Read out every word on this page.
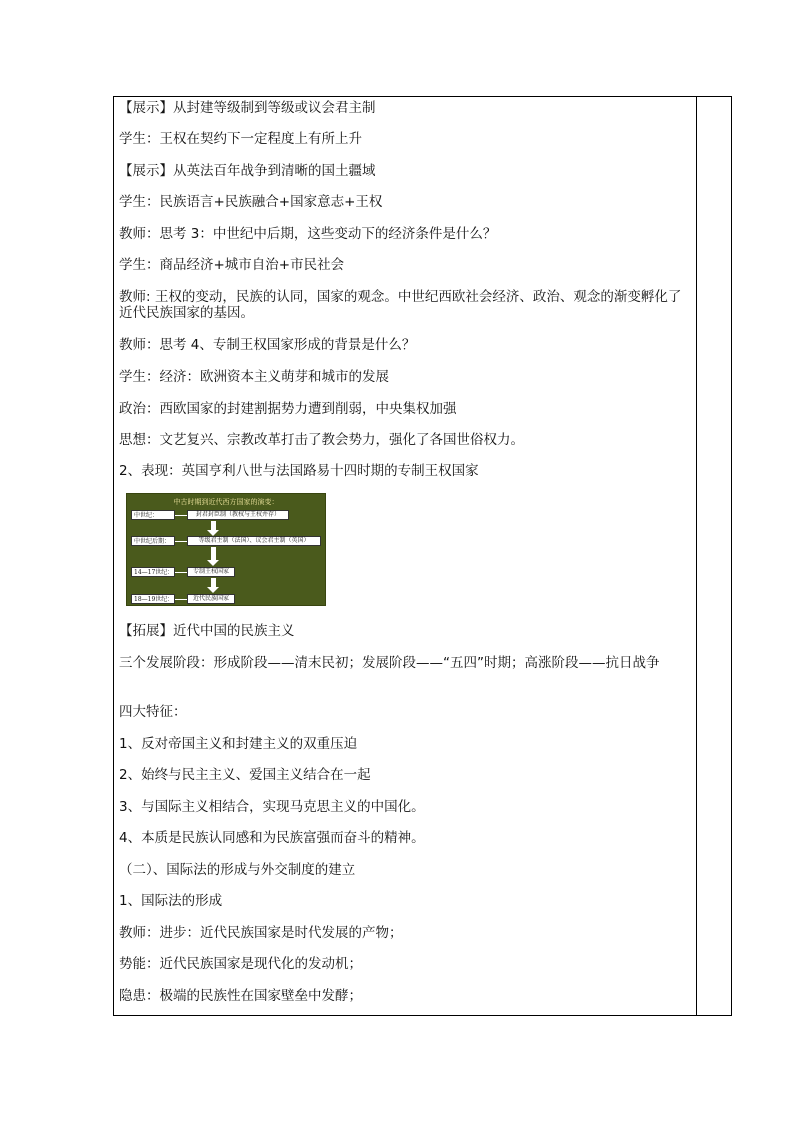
【展示】从封建等级制到等级或议会君主制
学生：王权在契约下一定程度上有所上升
【展示】从英法百年战争到清晰的国土疆域
学生：民族语言+民族融合+国家意志+王权
教师：思考 3：中世纪中后期，这些变动下的经济条件是什么？
学生：商品经济+城市自治+市民社会
教师: 王权的变动，民族的认同，国家的观念。中世纪西欧社会经济、政治、观念的渐变孵化了近代民族国家的基因。
教师：思考 4、专制王权国家形成的背景是什么？
学生：经济：欧洲资本主义萌芽和城市的发展
政治：西欧国家的封建割据势力遭到削弱，中央集权加强
思想：文艺复兴、宗教改革打击了教会势力，强化了各国世俗权力。
2、表现：英国亨利八世与法国路易十四时期的专制王权国家
中古时期到近代西方国家的演变：
中世纪：	封君封臣制（教权与王权并存）
中世纪后期：	等级君主制（法国）、议会君主制（英国）
14—17世纪：	专制王权国家
18—19世纪：	近代民族国家
【拓展】近代中国的民族主义
三个发展阶段：形成阶段——清末民初；发展阶段——“五四”时期；高涨阶段——抗日战争
四大特征：
1、反对帝国主义和封建主义的双重压迫
2、始终与民主主义、爱国主义结合在一起
3、与国际主义相结合，实现马克思主义的中国化。
4、本质是民族认同感和为民族富强而奋斗的精神。
（二）、国际法的形成与外交制度的建立
1、国际法的形成
教师：进步：近代民族国家是时代发展的产物；
势能：近代民族国家是现代化的发动机；
隐患：极端的民族性在国家壁垒中发酵；
